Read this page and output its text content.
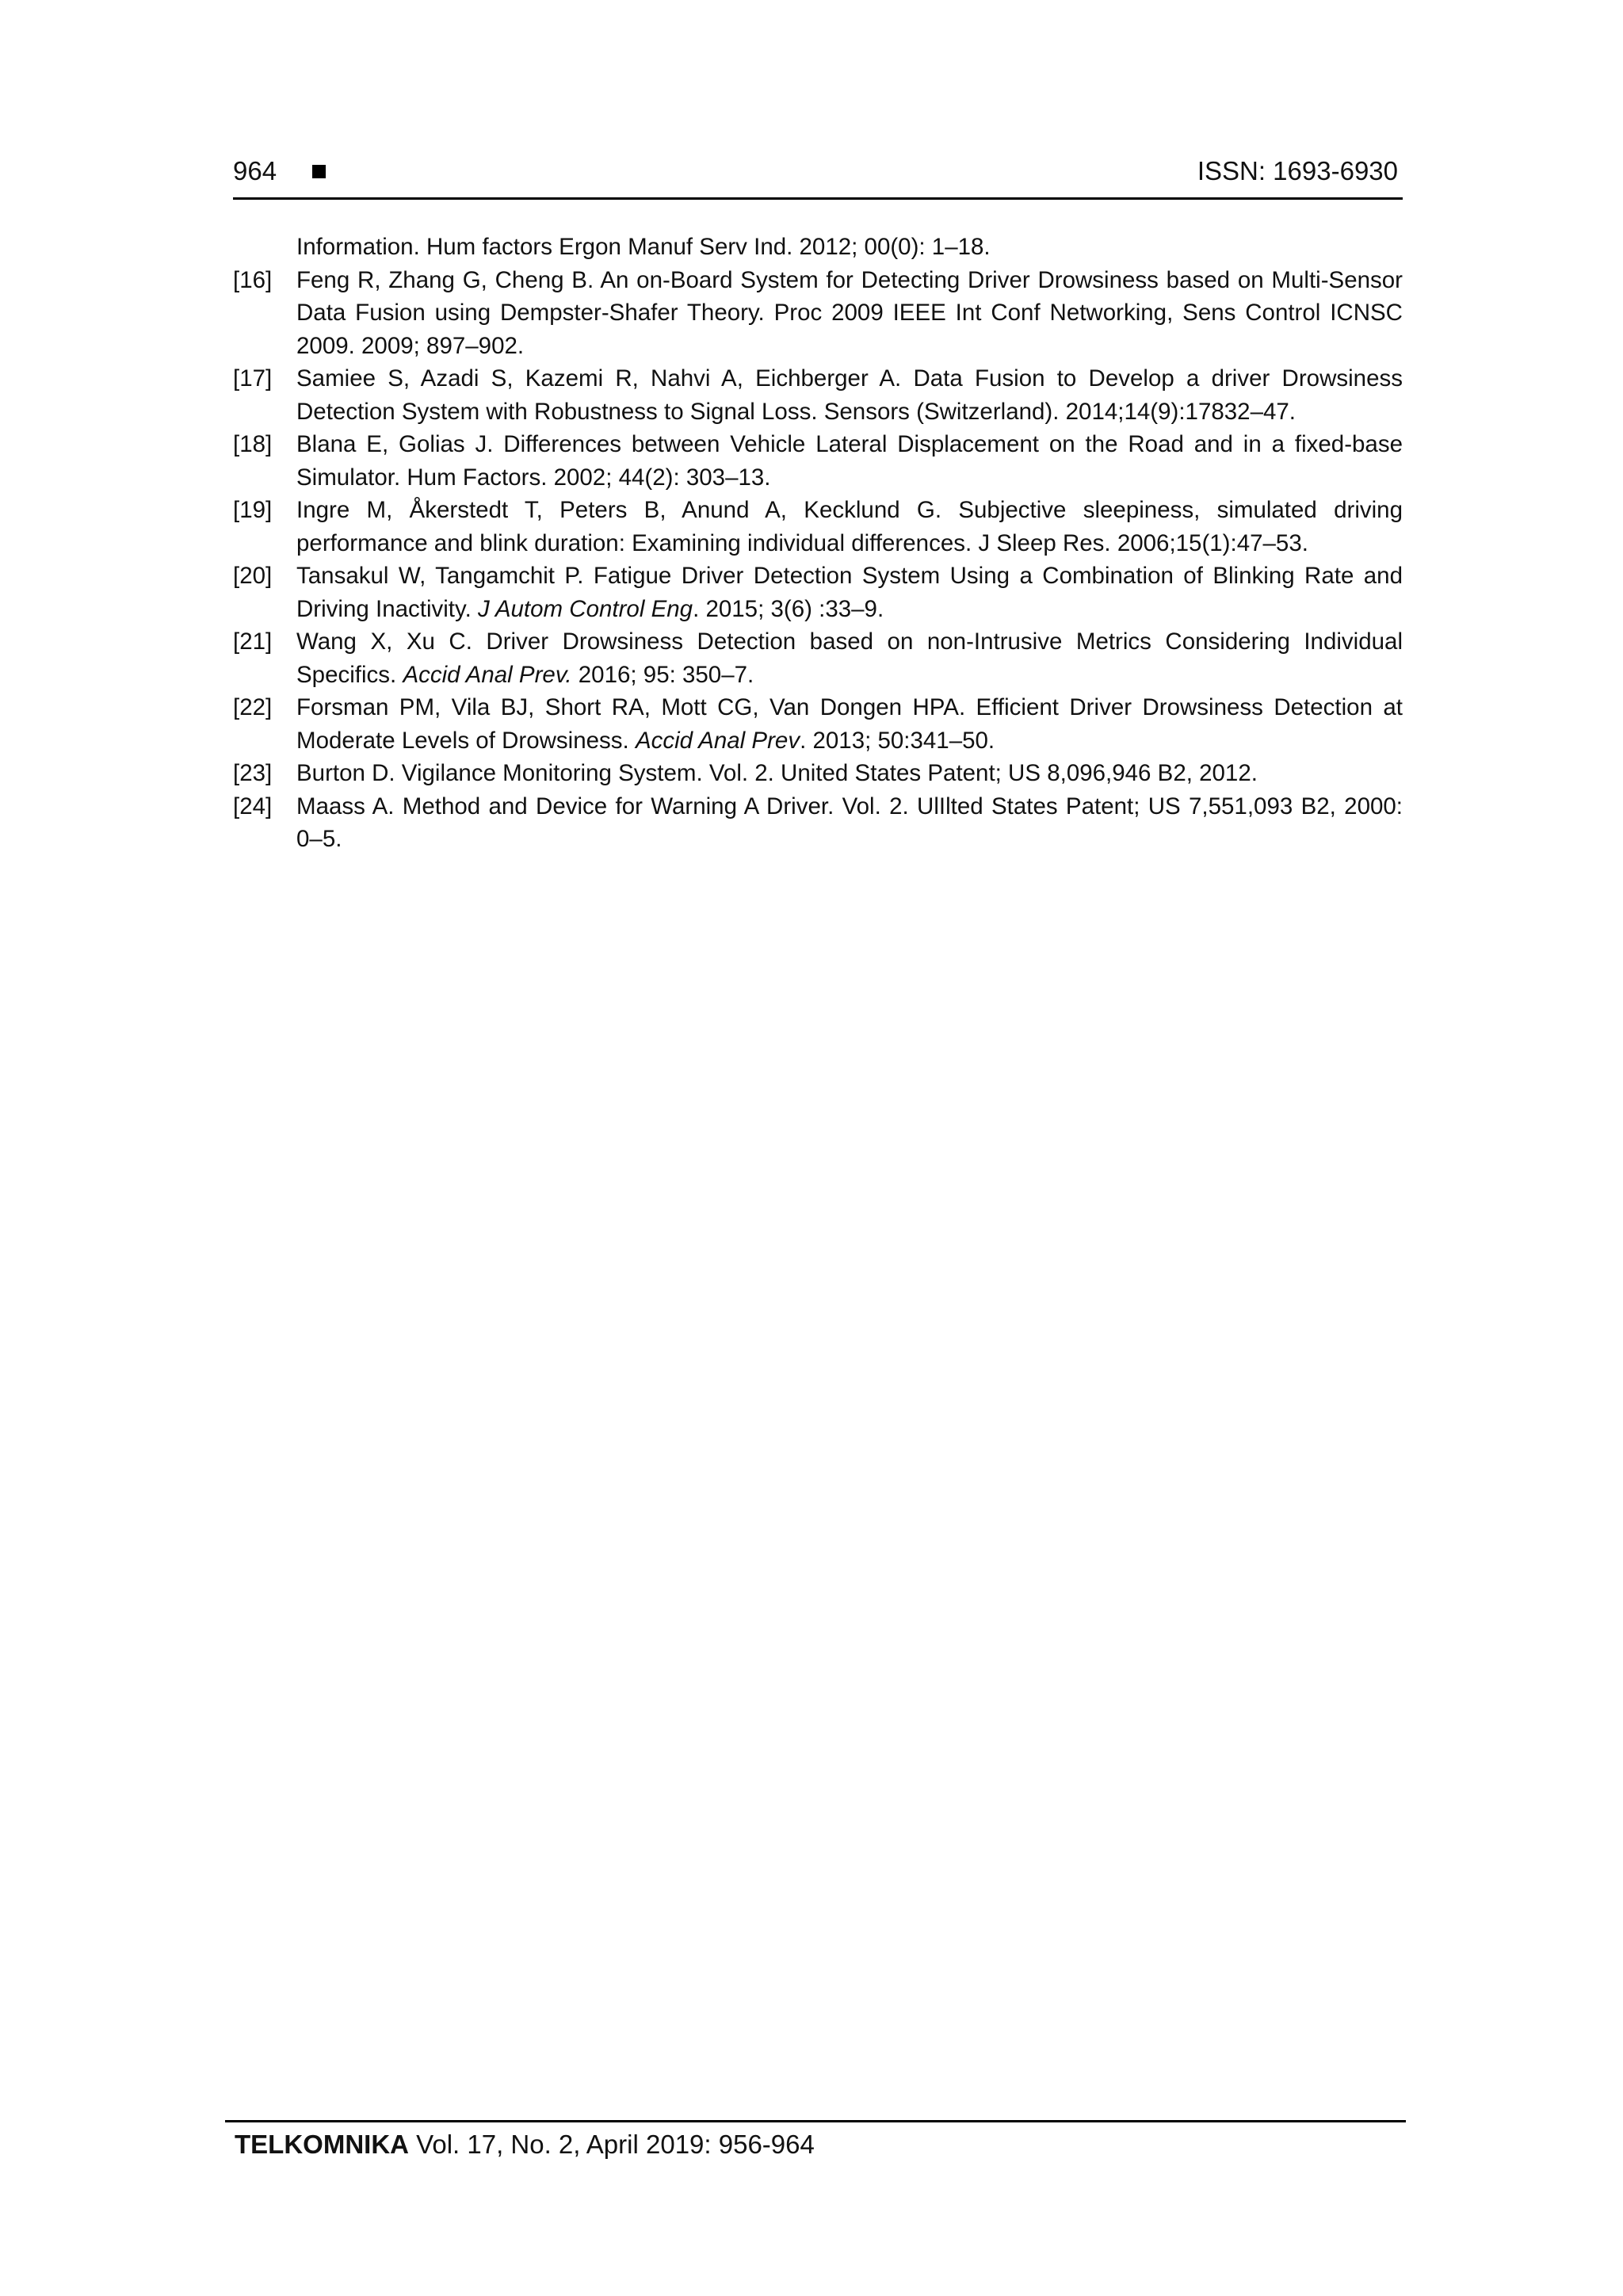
964	ISSN: 1693-6930
Information. Hum factors Ergon Manuf Serv Ind. 2012; 00(0): 1–18.
[16] Feng R, Zhang G, Cheng B. An on-Board System for Detecting Driver Drowsiness based on Multi-Sensor Data Fusion using Dempster-Shafer Theory. Proc 2009 IEEE Int Conf Networking, Sens Control ICNSC 2009. 2009; 897–902.
[17] Samiee S, Azadi S, Kazemi R, Nahvi A, Eichberger A. Data Fusion to Develop a driver Drowsiness Detection System with Robustness to Signal Loss. Sensors (Switzerland). 2014;14(9):17832–47.
[18] Blana E, Golias J. Differences between Vehicle Lateral Displacement on the Road and in a fixed-base Simulator. Hum Factors. 2002; 44(2): 303–13.
[19] Ingre M, Åkerstedt T, Peters B, Anund A, Kecklund G. Subjective sleepiness, simulated driving performance and blink duration: Examining individual differences. J Sleep Res. 2006;15(1):47–53.
[20] Tansakul W, Tangamchit P. Fatigue Driver Detection System Using a Combination of Blinking Rate and Driving Inactivity. J Autom Control Eng. 2015; 3(6) :33–9.
[21] Wang X, Xu C. Driver Drowsiness Detection based on non-Intrusive Metrics Considering Individual Specifics. Accid Anal Prev. 2016; 95: 350–7.
[22] Forsman PM, Vila BJ, Short RA, Mott CG, Van Dongen HPA. Efficient Driver Drowsiness Detection at Moderate Levels of Drowsiness. Accid Anal Prev. 2013; 50:341–50.
[23] Burton D. Vigilance Monitoring System. Vol. 2. United States Patent; US 8,096,946 B2, 2012.
[24] Maass A. Method and Device for Warning A Driver. Vol. 2. UlIlted States Patent; US 7,551,093 B2, 2000: 0–5.
TELKOMNIKA Vol. 17, No. 2, April 2019: 956-964
